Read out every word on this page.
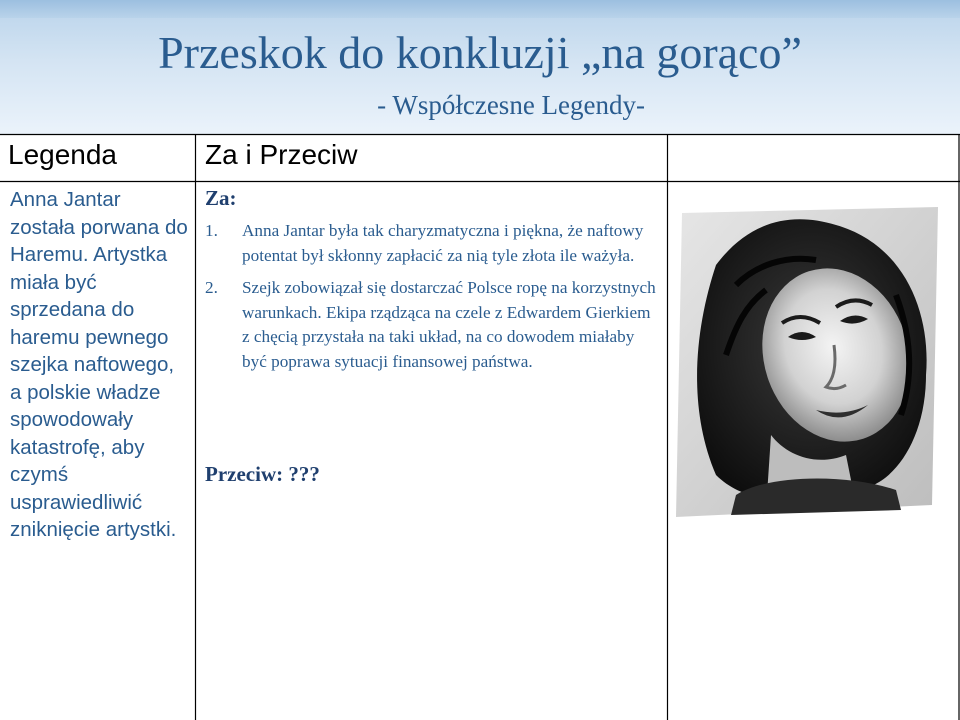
Przeskok do konkluzji „na gorąco”
- Współczesne Legendy-
Legenda	Za i Przeciw
Anna Jantar została porwana do Haremu. Artystka miała być sprzedana do haremu pewnego szejka naftowego, a polskie władze spowodowały katastrofę, aby czymś usprawiedliwić zniknięcie artystki.
Za:
1.	Anna Jantar była tak charyzmatyczna i piękna, że naftowy potentat był skłonny zapłacić za nią tyle złota ile ważyła.
2.	Szejk zobowiązał się dostarczać Polsce ropę na korzystnych warunkach. Ekipa rządząca na czele z Edwardem Gierkiem z chęcią przystała na taki układ, na co dowodem miałaby być poprawa sytuacji finansowej państwa.
Przeciw: ???
